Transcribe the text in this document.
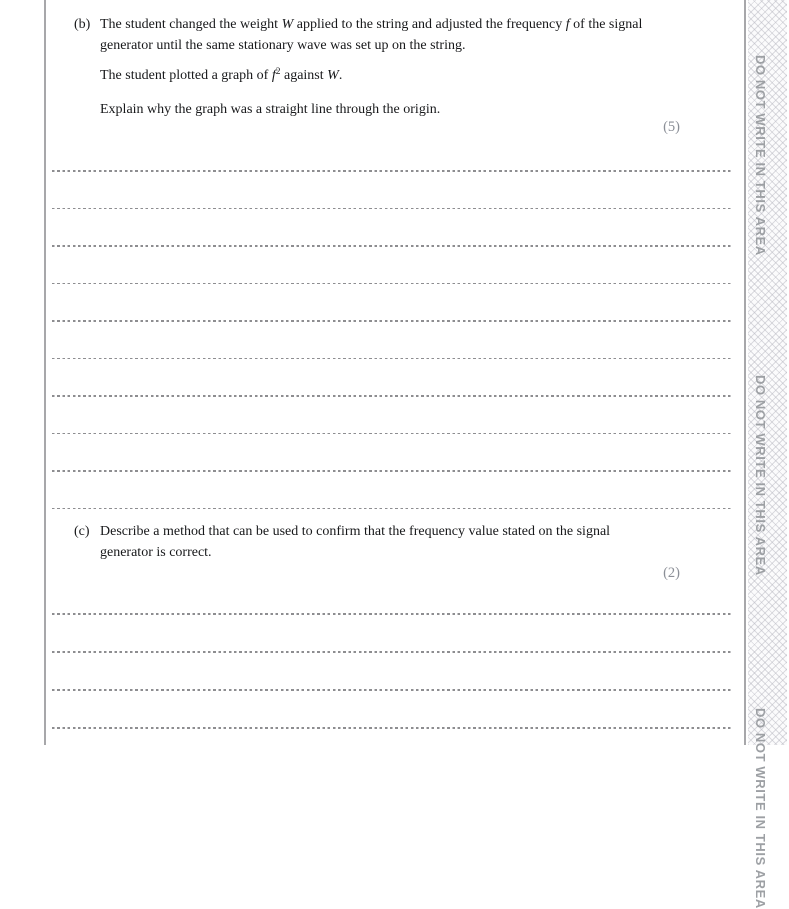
(b) The student changed the weight W applied to the string and adjusted the frequency f of the signal generator until the same stationary wave was set up on the string.
The student plotted a graph of $f^2$ against W.
Explain why the graph was a straight line through the origin.
(5)
(c) Describe a method that can be used to confirm that the frequency value stated on the signal generator is correct.
(2)
DO NOT WRITE IN THIS AREA
DO NOT WRITE IN THIS AREA
DO NOT WRITE IN THIS AREA
